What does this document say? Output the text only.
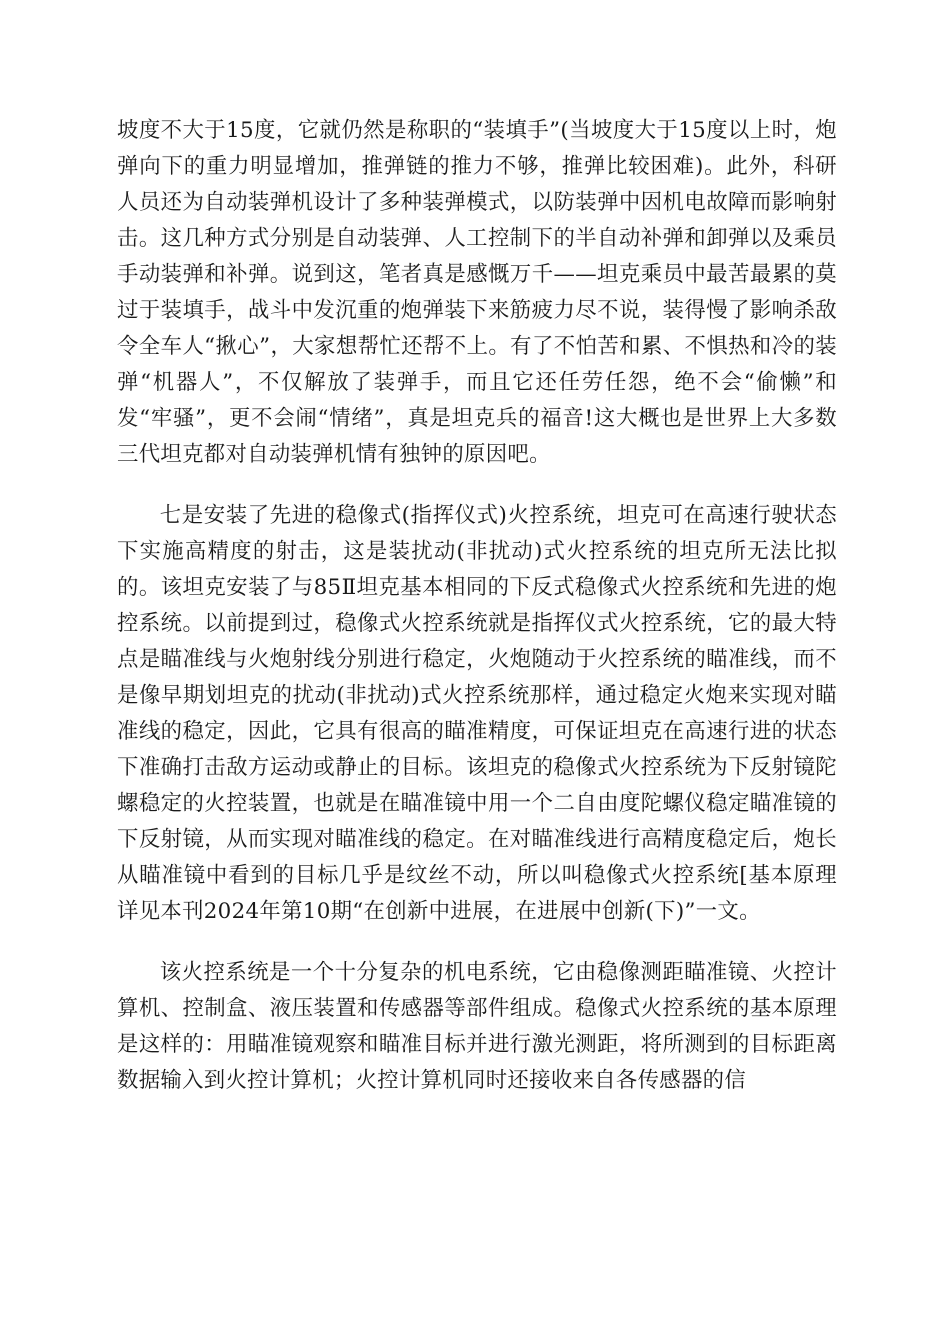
坡度不大于15度，它就仍然是称职的“装填手”(当坡度大于15度以上时，炮弹向下的重力明显增加，推弹链的推力不够，推弹比较困难)。此外，科研人员还为自动装弹机设计了多种装弹模式，以防装弹中因机电故障而影响射击。这几种方式分别是自动装弹、人工控制下的半自动补弹和卸弹以及乘员手动装弹和补弹。说到这，笔者真是感慨万千——坦克乘员中最苦最累的莫过于装填手，战斗中发沉重的炮弹装下来筋疲力尽不说，装得慢了影响杀敌令全车人“揪心”，大家想帮忙还帮不上。有了不怕苦和累、不惧热和冷的装弹“机器人”，不仅解放了装弹手，而且它还任劳任怨，绝不会“偷懒”和发“牢骚”，更不会闹“情绪”，真是坦克兵的福音!这大概也是世界上大多数三代坦克都对自动装弹机情有独钟的原因吧。

七是安装了先进的稳像式(指挥仪式)火控系统，坦克可在高速行驶状态下实施高精度的射击，这是装扰动(非扰动)式火控系统的坦克所无法比拟的。该坦克安装了与85Ⅱ坦克基本相同的下反式稳像式火控系统和先进的炮控系统。以前提到过，稳像式火控系统就是指挥仪式火控系统，它的最大特点是瞄准线与火炮射线分别进行稳定，火炮随动于火控系统的瞄准线，而不是像早期划坦克的扰动(非扰动)式火控系统那样，通过稳定火炮来实现对瞄准线的稳定，因此，它具有很高的瞄准精度，可保证坦克在高速行进的状态下准确打击敌方运动或静止的目标。该坦克的稳像式火控系统为下反射镜陀螺稳定的火控装置，也就是在瞄准镜中用一个二自由度陀螺仪稳定瞄准镜的下反射镜，从而实现对瞄准线的稳定。在对瞄准线进行高精度稳定后，炮长从瞄准镜中看到的目标几乎是纹丝不动，所以叫稳像式火控系统[基本原理详见本刊2024年第10期“在创新中进展，在进展中创新(下)”一文。

该火控系统是一个十分复杂的机电系统，它由稳像测距瞄准镜、火控计算机、控制盒、液压装置和传感器等部件组成。稳像式火控系统的基本原理是这样的：用瞄准镜观察和瞄准目标并进行激光测距，将所测到的目标距离数据输入到火控计算机；火控计算机同时还接收来自各传感器的信
